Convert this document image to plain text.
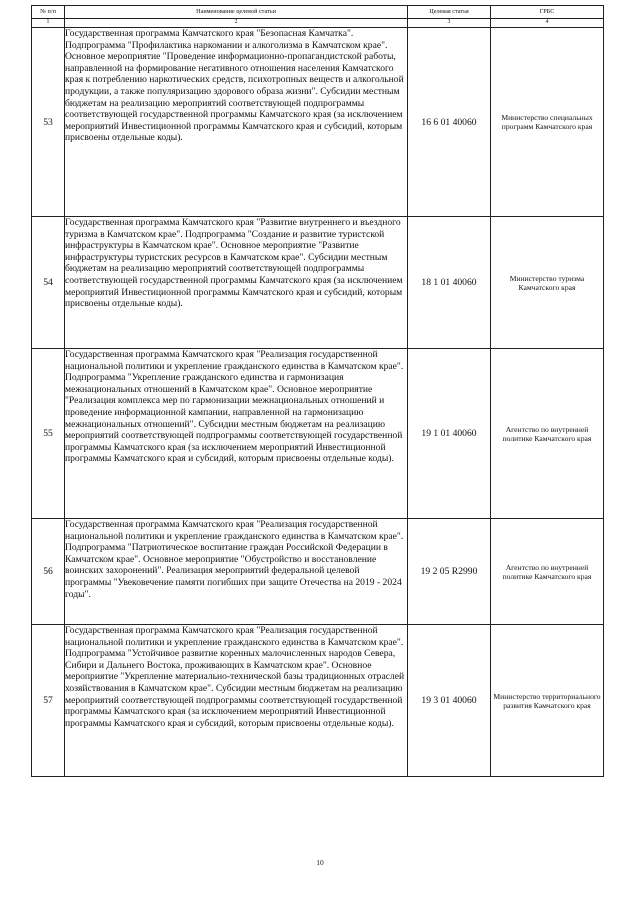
№ п/п	Наименование целевой статьи	Целевая статья	ГРБС
1	2	3	4
53	Государственная программа Камчатского края "Безопасная Камчатка". Подпрограмма "Профилактика наркомании и алкоголизма в Камчатском крае". Основное мероприятие "Проведение информационно-пропагандистской работы, направленной на формирование негативного отношения населения Камчатского края к потреблению наркотических средств, психотропных веществ и алкогольной продукции, а также популяризацию здорового образа жизни". Субсидии местным бюджетам на реализацию мероприятий соответствующей подпрограммы соответствующей государственной программы Камчатского края (за исключением мероприятий Инвестиционной программы Камчатского края и субсидий, которым присвоены отдельные коды).	16 6 01 40060	Министерство специальных программ Камчатского края
54	Государственная программа Камчатского края "Развитие внутреннего и въездного туризма в Камчатском крае". Подпрограмма "Создание и развитие туристской инфраструктуры в Камчатском крае". Основное мероприятие "Развитие инфраструктуры туристских ресурсов в Камчатском крае". Субсидии местным бюджетам на реализацию мероприятий соответствующей подпрограммы соответствующей государственной программы Камчатского края (за исключением мероприятий Инвестиционной программы Камчатского края и субсидий, которым присвоены отдельные коды).	18 1 01 40060	Министерство туризма Камчатского края
55	Государственная программа Камчатского края "Реализация государственной национальной политики и укрепление гражданского единства в Камчатском крае". Подпрограмма "Укрепление гражданского единства и гармонизация межнациональных отношений в Камчатском крае". Основное мероприятие "Реализация комплекса мер по гармонизации межнациональных отношений и проведение информационной кампании, направленной на гармонизацию межнациональных отношений". Субсидии местным бюджетам на реализацию мероприятий соответствующей подпрограммы соответствующей государственной программы Камчатского края (за исключением мероприятий Инвестиционной программы Камчатского края и субсидий, которым присвоены отдельные коды).	19 1 01 40060	Агентство по внутренней политике Камчатского края
56	Государственная программа Камчатского края "Реализация государственной национальной политики и укрепление гражданского единства в Камчатском крае". Подпрограмма "Патриотическое воспитание граждан Российской Федерации в Камчатском крае". Основное мероприятие "Обустройство и восстановление воинских захоронений". Реализация мероприятий федеральной целевой программы "Увековечение памяти погибших при защите Отечества на 2019 - 2024 годы".	19 2 05 R2990	Агентство по внутренней политике Камчатского края
57	Государственная программа Камчатского края "Реализация государственной национальной политики и укрепление гражданского единства в Камчатском крае". Подпрограмма "Устойчивое развитие коренных малочисленных народов Севера, Сибири и Дальнего Востока, проживающих в Камчатском крае". Основное мероприятие "Укрепление материально-технической базы традиционных отраслей хозяйствования в Камчатском крае". Субсидии местным бюджетам на реализацию мероприятий соответствующей подпрограммы соответствующей государственной программы Камчатского края (за исключением мероприятий Инвестиционной программы Камчатского края и субсидий, которым присвоены отдельные коды).	19 3 01 40060	Министерство территориального развития Камчатского края
10
